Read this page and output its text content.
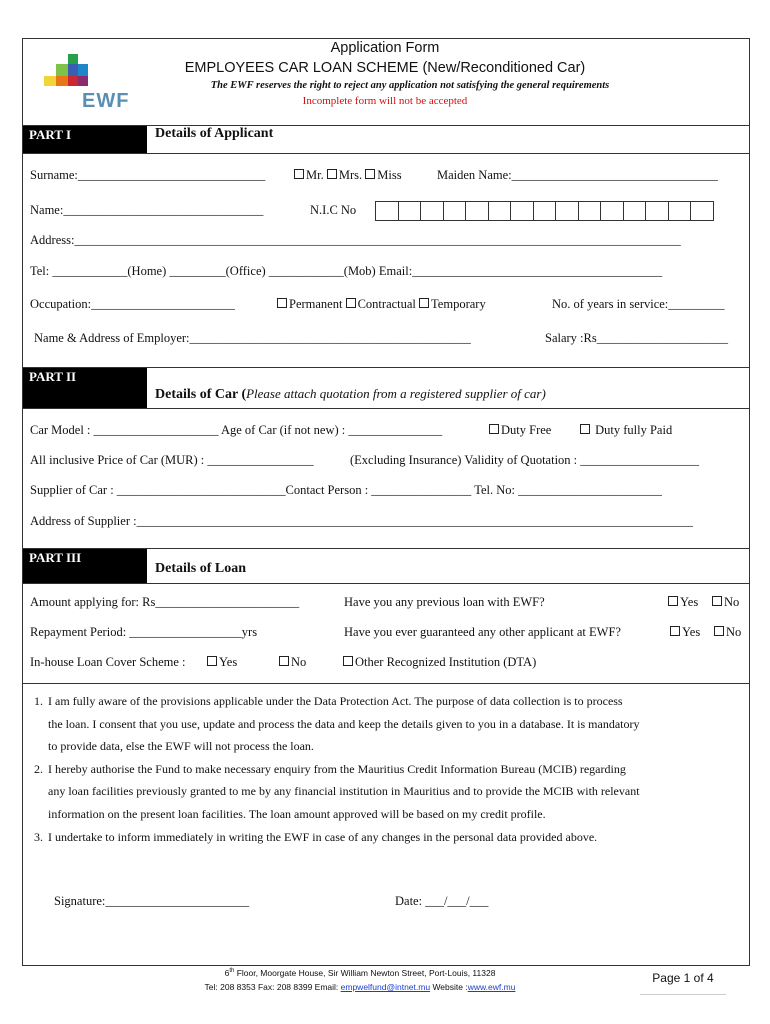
EWF
Application Form
EMPLOYEES CAR LOAN SCHEME (New/Reconditioned Car)
The EWF reserves the right to reject any application not satisfying the general requirements
Incomplete form will not be accepted
PART I	Details of Applicant
Surname:______________________________	Mr. Mrs. Miss	Maiden Name:_________________________________
Name:________________________________	N.I.C No
Address:_________________________________________________________________________________________________
Tel: ____________(Home) _________(Office) ____________(Mob) Email:________________________________________
Occupation:_______________________	Permanent Contractual Temporary	No. of years in service:_________
Name & Address of Employer:_____________________________________________	Salary :Rs_____________________
PART II
Details of Car (Please attach quotation from a registered supplier of car)
Car Model : ____________________ Age of Car (if not new) : _______________	Duty Free	Duty fully Paid
All inclusive Price of Car (MUR) : _________________	(Excluding Insurance) Validity of Quotation : ___________________
Supplier of Car : ___________________________Contact Person : ________________ Tel. No: _______________________
Address of Supplier :_________________________________________________________________________________________
PART III
Details of Loan
Amount applying for: Rs_______________________	Have you any previous loan with EWF?	Yes	No
Repayment Period: __________________yrs	Have you ever guaranteed any other applicant at EWF?	Yes	No
In-house Loan Cover Scheme :	Yes	No	Other Recognized Institution (DTA)
1. I am fully aware of the provisions applicable under the Data Protection Act. The purpose of data collection is to process
the loan. I consent that you use, update and process the data and keep the details given to you in a database. It is mandatory
to provide data, else the EWF will not process the loan.
2. I hereby authorise the Fund to make necessary enquiry from the Mauritius Credit Information Bureau (MCIB) regarding
any loan facilities previously granted to me by any financial institution in Mauritius and to provide the MCIB with relevant
information on the present loan facilities. The loan amount approved will be based on my credit profile.
3. I undertake to inform immediately in writing the EWF in case of any changes in the personal data provided above.
Signature:_______________________	Date: ___/___/___
6th Floor, Moorgate House, Sir William Newton Street, Port-Louis, 11328
Tel: 208 8353 Fax: 208 8399 Email: empwelfund@intnet.mu Website :www.ewf.mu
Page 1 of 4
